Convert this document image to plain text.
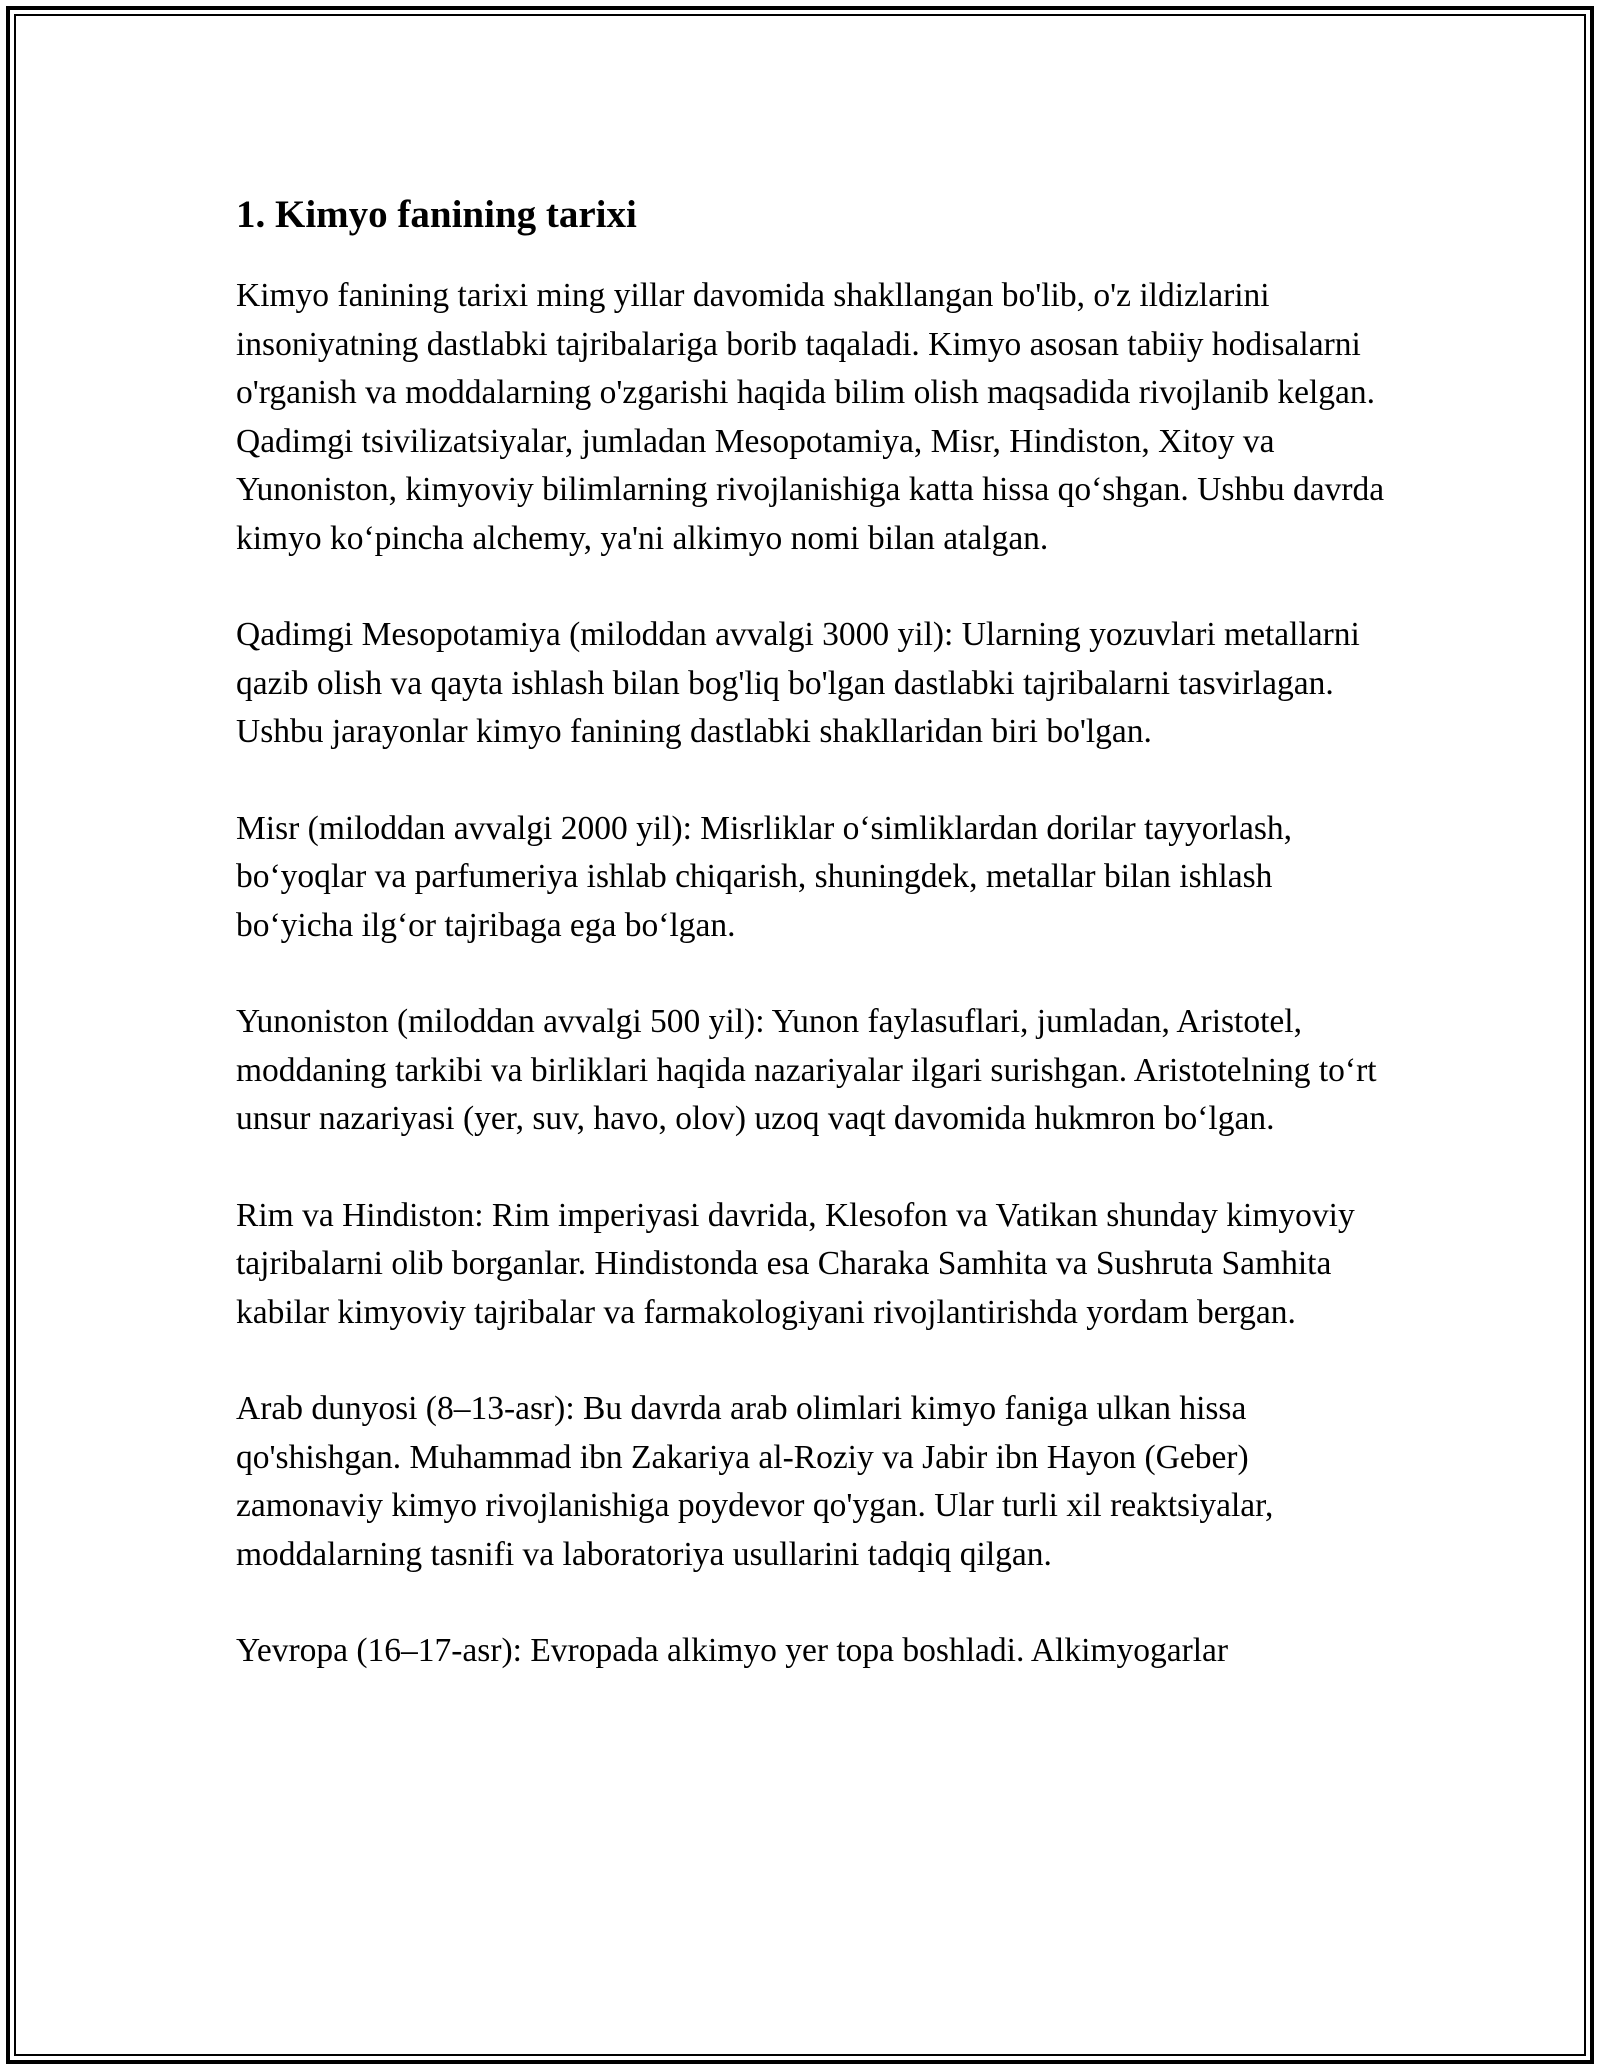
1. Kimyo fanining tarixi

Kimyo fanining tarixi ming yillar davomida shakllangan bo'lib, o'z ildizlarini insoniyatning dastlabki tajribalariga borib taqaladi. Kimyo asosan tabiiy hodisalarni o'rganish va moddalarning o'zgarishi haqida bilim olish maqsadida rivojlanib kelgan. Qadimgi tsivilizatsiyalar, jumladan Mesopotamiya, Misr, Hindiston, Xitoy va Yunoniston, kimyoviy bilimlarning rivojlanishiga katta hissa qo‘shgan. Ushbu davrda kimyo ko‘pincha alchemy, ya'ni alkimyo nomi bilan atalgan.

Qadimgi Mesopotamiya (miloddan avvalgi 3000 yil): Ularning yozuvlari metallarni qazib olish va qayta ishlash bilan bog'liq bo'lgan dastlabki tajribalarni tasvirlagan. Ushbu jarayonlar kimyo fanining dastlabki shakllaridan biri bo'lgan.

Misr (miloddan avvalgi 2000 yil): Misrliklar o‘simliklardan dorilar tayyorlash, bo‘yoqlar va parfumeriya ishlab chiqarish, shuningdek, metallar bilan ishlash bo‘yicha ilg‘or tajribaga ega bo‘lgan.

Yunoniston (miloddan avvalgi 500 yil): Yunon faylasuflari, jumladan, Aristotel, moddaning tarkibi va birliklari haqida nazariyalar ilgari surishgan. Aristotelning to‘rt unsur nazariyasi (yer, suv, havo, olov) uzoq vaqt davomida hukmron bo‘lgan.

Rim va Hindiston: Rim imperiyasi davrida, Klesofon va Vatikan shunday kimyoviy tajribalarni olib borganlar. Hindistonda esa Charaka Samhita va Sushruta Samhita kabilar kimyoviy tajribalar va farmakologiyani rivojlantirishda yordam bergan.

Arab dunyosi (8–13-asr): Bu davrda arab olimlari kimyo faniga ulkan hissa qo'shishgan. Muhammad ibn Zakariya al-Roziy va Jabir ibn Hayon (Geber) zamonaviy kimyo rivojlanishiga poydevor qo'ygan. Ular turli xil reaktsiyalar, moddalarning tasnifi va laboratoriya usullarini tadqiq qilgan.

Yevropa (16–17-asr): Evropada alkimyo yer topa boshladi. Alkimyogarlar
